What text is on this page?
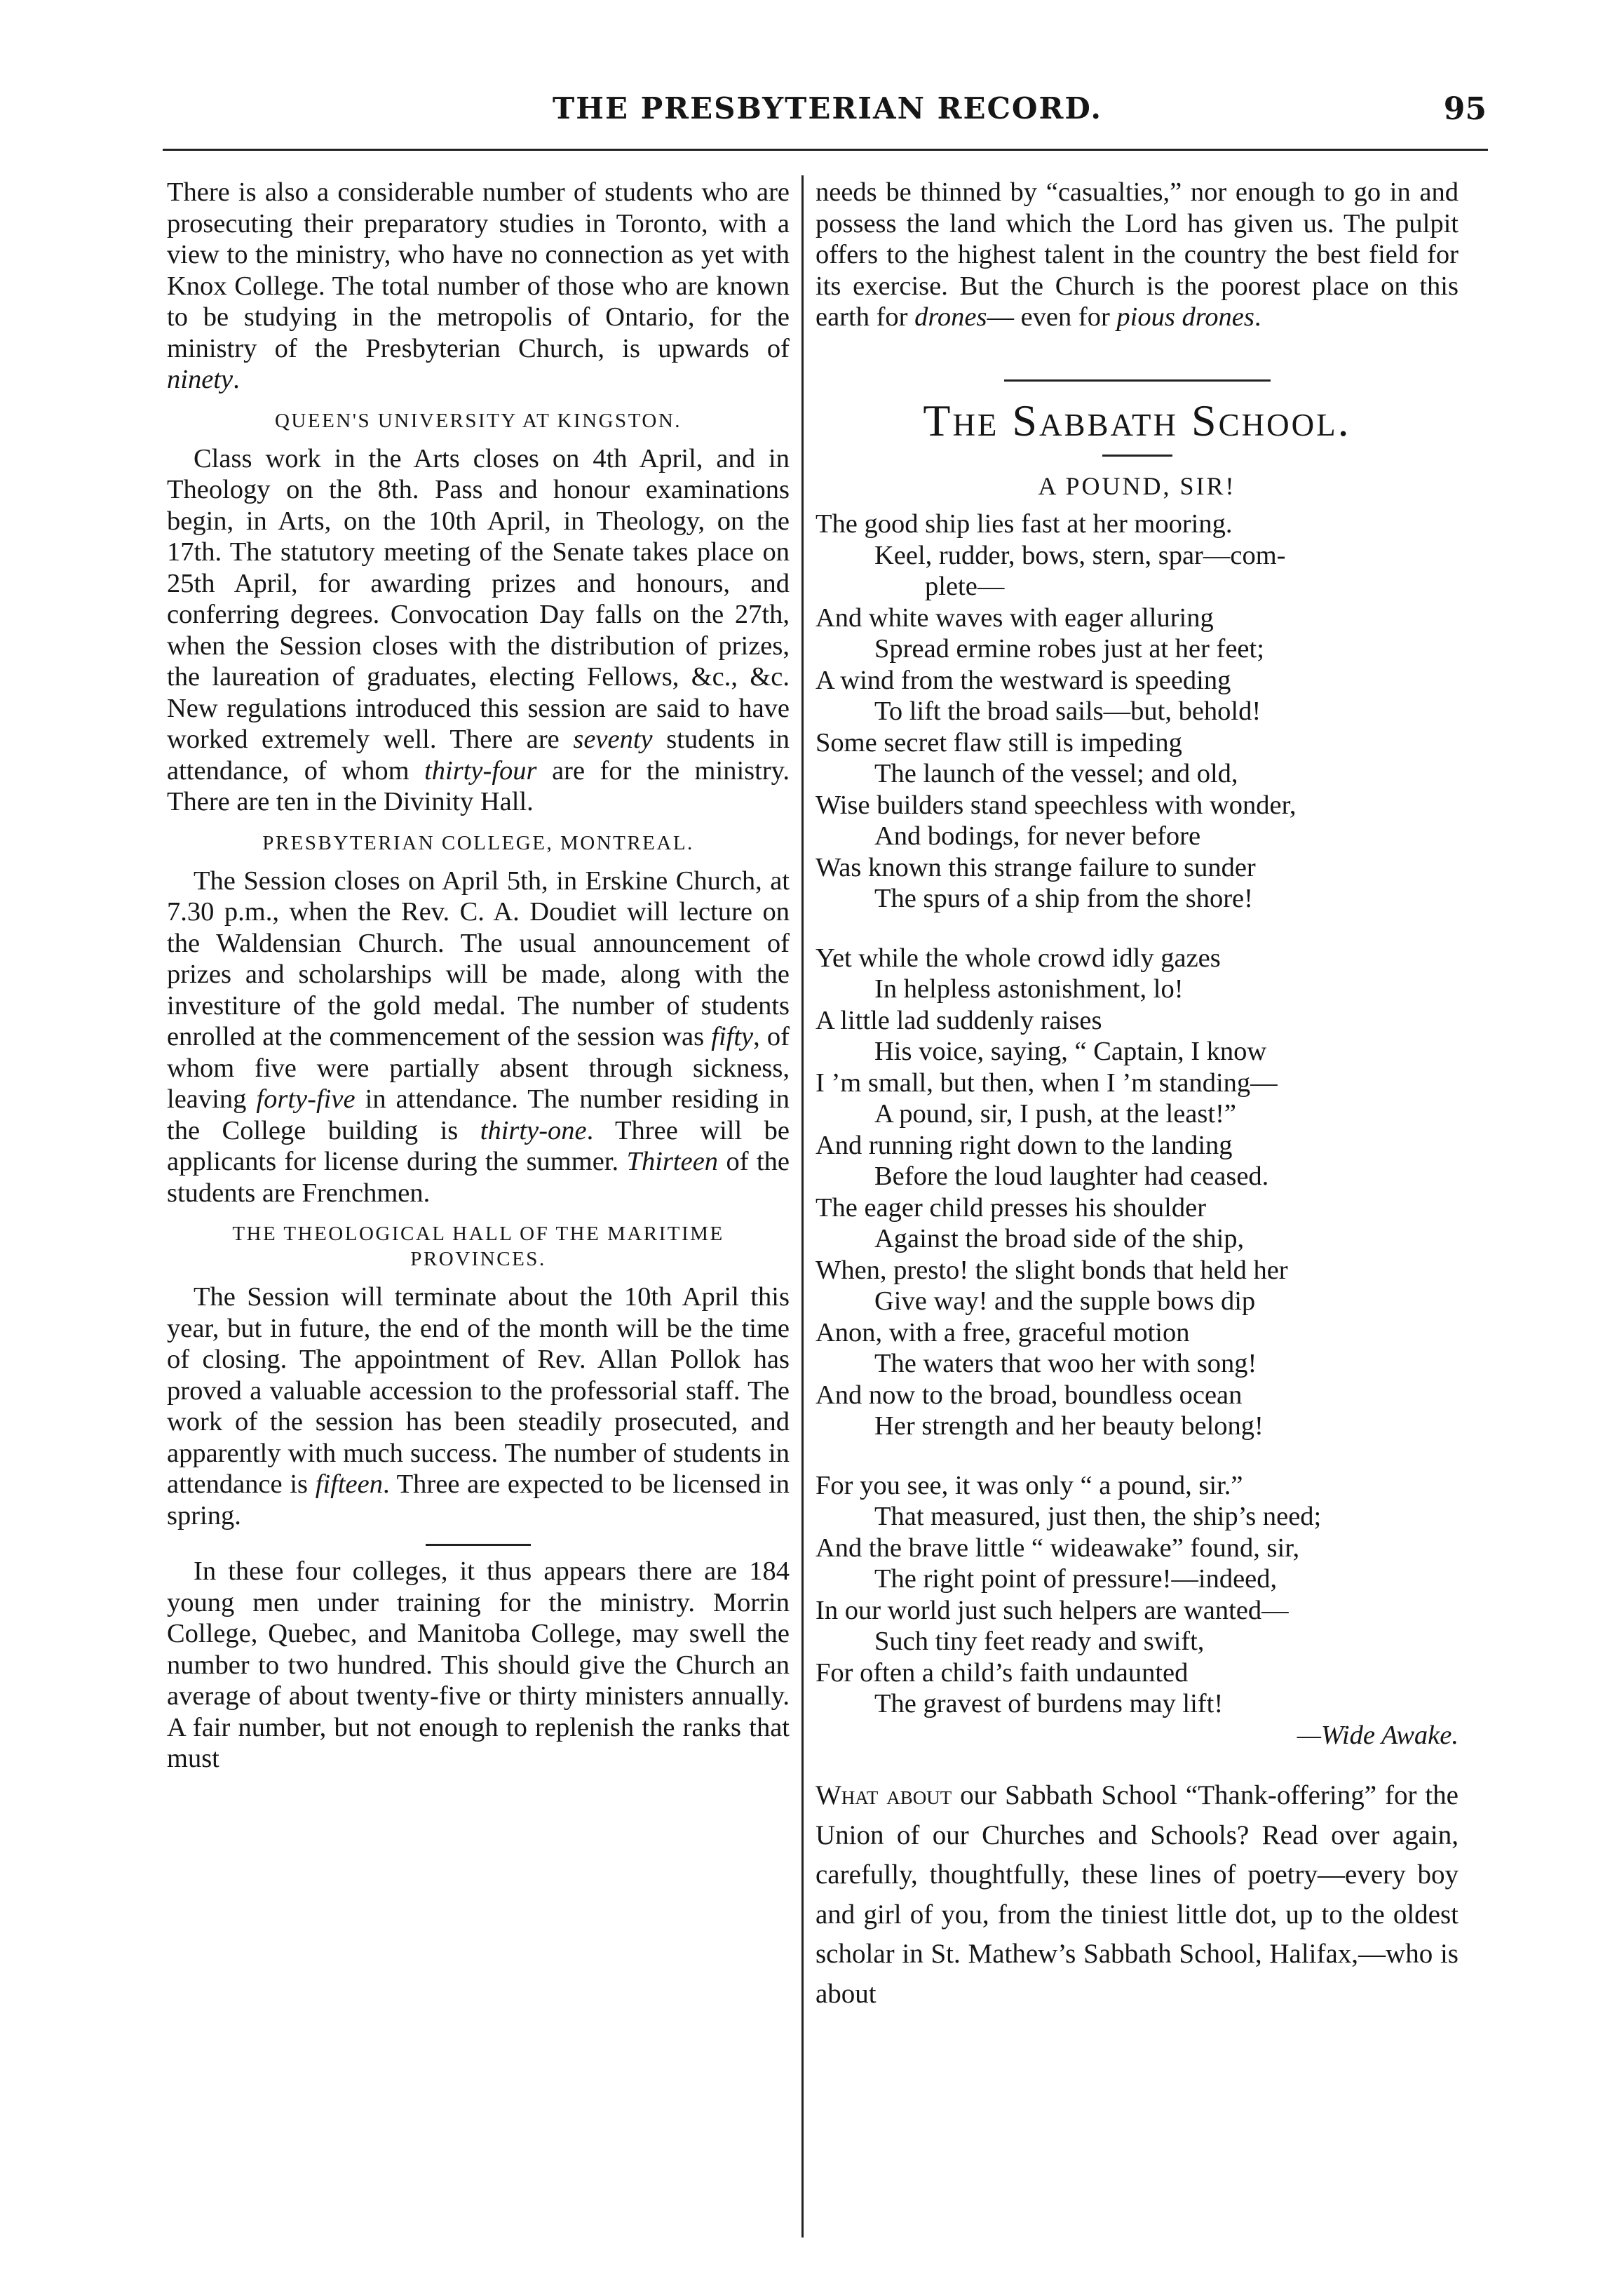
THE PRESBYTERIAN RECORD.	95

There is also a considerable number of students who are prosecuting their preparatory studies in Toronto, with a view to the ministry, who have no connection as yet with Knox College. The total number of those who are known to be studying in the metropolis of Ontario, for the ministry of the Presbyterian Church, is upwards of ninety.

QUEEN'S UNIVERSITY AT KINGSTON.

Class work in the Arts closes on 4th April, and in Theology on the 8th. Pass and honour examinations begin, in Arts, on the 10th April, in Theology, on the 17th. The statutory meeting of the Senate takes place on 25th April, for awarding prizes and honours, and conferring degrees. Convocation Day falls on the 27th, when the Session closes with the distribution of prizes, the laureation of graduates, electing Fellows, &c., &c. New regulations introduced this session are said to have worked extremely well. There are seventy students in attendance, of whom thirty-four are for the ministry. There are ten in the Divinity Hall.

PRESBYTERIAN COLLEGE, MONTREAL.

The Session closes on April 5th, in Erskine Church, at 7.30 p.m., when the Rev. C. A. Doudiet will lecture on the Waldensian Church. The usual announcement of prizes and scholarships will be made, along with the investiture of the gold medal. The number of students enrolled at the commencement of the session was fifty, of whom five were partially absent through sickness, leaving forty-five in attendance. The number residing in the College building is thirty-one. Three will be applicants for license during the summer. Thirteen of the students are Frenchmen.

THE THEOLOGICAL HALL OF THE MARITIME PROVINCES.

The Session will terminate about the 10th April this year, but in future, the end of the month will be the time of closing. The appointment of Rev. Allan Pollok has proved a valuable accession to the professorial staff. The work of the session has been steadily prosecuted, and apparently with much success. The number of students in attendance is fifteen. Three are expected to be licensed in spring.

In these four colleges, it thus appears there are 184 young men under training for the ministry. Morrin College, Quebec, and Manitoba College, may swell the number to two hundred. This should give the Church an average of about twenty-five or thirty ministers annually. A fair number, but not enough to replenish the ranks that must

needs be thinned by “casualties,” nor enough to go in and possess the land which the Lord has given us. The pulpit offers to the highest talent in the country the best field for its exercise. But the Church is the poorest place on this earth for drones— even for pious drones.

The Sabbath School.
A POUND, SIR!
The good ship lies fast at her mooring.
Keel, rudder, bows, stern, spar—com-
plete—
And white waves with eager alluring
Spread ermine robes just at her feet;
A wind from the westward is speeding
To lift the broad sails—but, behold!
Some secret flaw still is impeding
The launch of the vessel; and old,
Wise builders stand speechless with wonder,
And bodings, for never before
Was known this strange failure to sunder
The spurs of a ship from the shore!
Yet while the whole crowd idly gazes
In helpless astonishment, lo!
A little lad suddenly raises
His voice, saying, “ Captain, I know
I ’m small, but then, when I ’m standing—
A pound, sir, I push, at the least!”
And running right down to the landing
Before the loud laughter had ceased.
The eager child presses his shoulder
Against the broad side of the ship,
When, presto! the slight bonds that held her
Give way! and the supple bows dip
Anon, with a free, graceful motion
The waters that woo her with song!
And now to the broad, boundless ocean
Her strength and her beauty belong!
For you see, it was only “ a pound, sir.”
That measured, just then, the ship’s need;
And the brave little “ wideawake” found, sir,
The right point of pressure!—indeed,
In our world just such helpers are wanted—
Such tiny feet ready and swift,
For often a child’s faith undaunted
The gravest of burdens may lift!
—Wide Awake.

What about our Sabbath School “Thank-offering” for the Union of our Churches and Schools? Read over again, carefully, thoughtfully, these lines of poetry—every boy and girl of you, from the tiniest little dot, up to the oldest scholar in St. Mathew’s Sabbath School, Halifax,—who is about
